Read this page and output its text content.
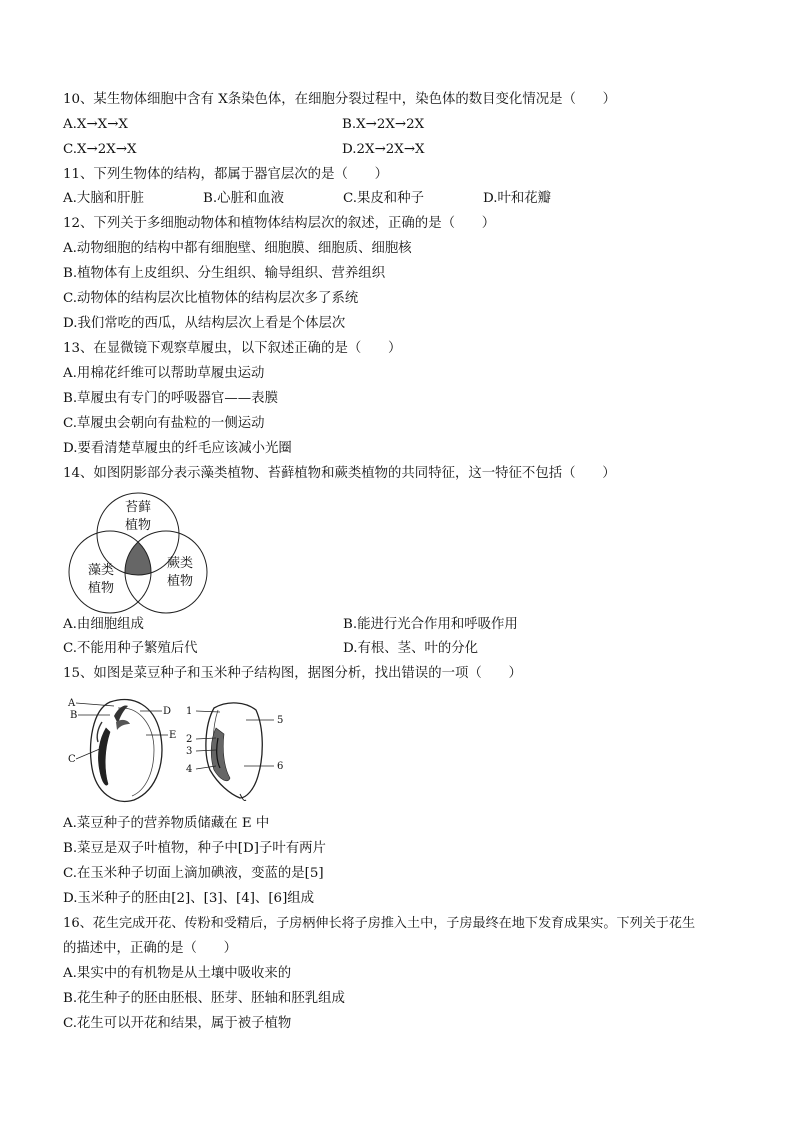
10、某生物体细胞中含有 X条染色体，在细胞分裂过程中，染色体的数目变化情况是（　　）
A.X→X→X	B.X→2X→2X
C.X→2X→X	D.2X→2X→X
11、下列生物体的结构，都属于器官层次的是（　　）
A.大脑和肝脏	B.心脏和血液	C.果皮和种子	D.叶和花瓣
12、下列关于多细胞动物体和植物体结构层次的叙述，正确的是（　　）
A.动物细胞的结构中都有细胞壁、细胞膜、细胞质、细胞核
B.植物体有上皮组织、分生组织、输导组织、营养组织
C.动物体的结构层次比植物体的结构层次多了系统
D.我们常吃的西瓜，从结构层次上看是个体层次
13、在显微镜下观察草履虫，以下叙述正确的是（　　）
A.用棉花纤维可以帮助草履虫运动
B.草履虫有专门的呼吸器官——表膜
C.草履虫会朝向有盐粒的一侧运动
D.要看清楚草履虫的纤毛应该减小光圈
14、如图阴影部分表示藻类植物、苔藓植物和蕨类植物的共同特征，这一特征不包括（　　）
苔藓
植物
藻类
植物
蕨类
植物
A.由细胞组成	B.能进行光合作用和呼吸作用
C.不能用种子繁殖后代	D.有根、茎、叶的分化
15、如图是菜豆种子和玉米种子结构图，据图分析，找出错误的一项（　　）
A
B
C
D
E
1
2
3
4
5
6
A.菜豆种子的营养物质储藏在 E 中
B.菜豆是双子叶植物，种子中[D]子叶有两片
C.在玉米种子切面上滴加碘液，变蓝的是[5]
D.玉米种子的胚由[2]、[3]、[4]、[6]组成
16、花生完成开花、传粉和受精后，子房柄伸长将子房推入土中，子房最终在地下发育成果实。下列关于花生
的描述中，正确的是（　　）
A.果实中的有机物是从土壤中吸收来的
B.花生种子的胚由胚根、胚芽、胚轴和胚乳组成
C.花生可以开花和结果，属于被子植物
